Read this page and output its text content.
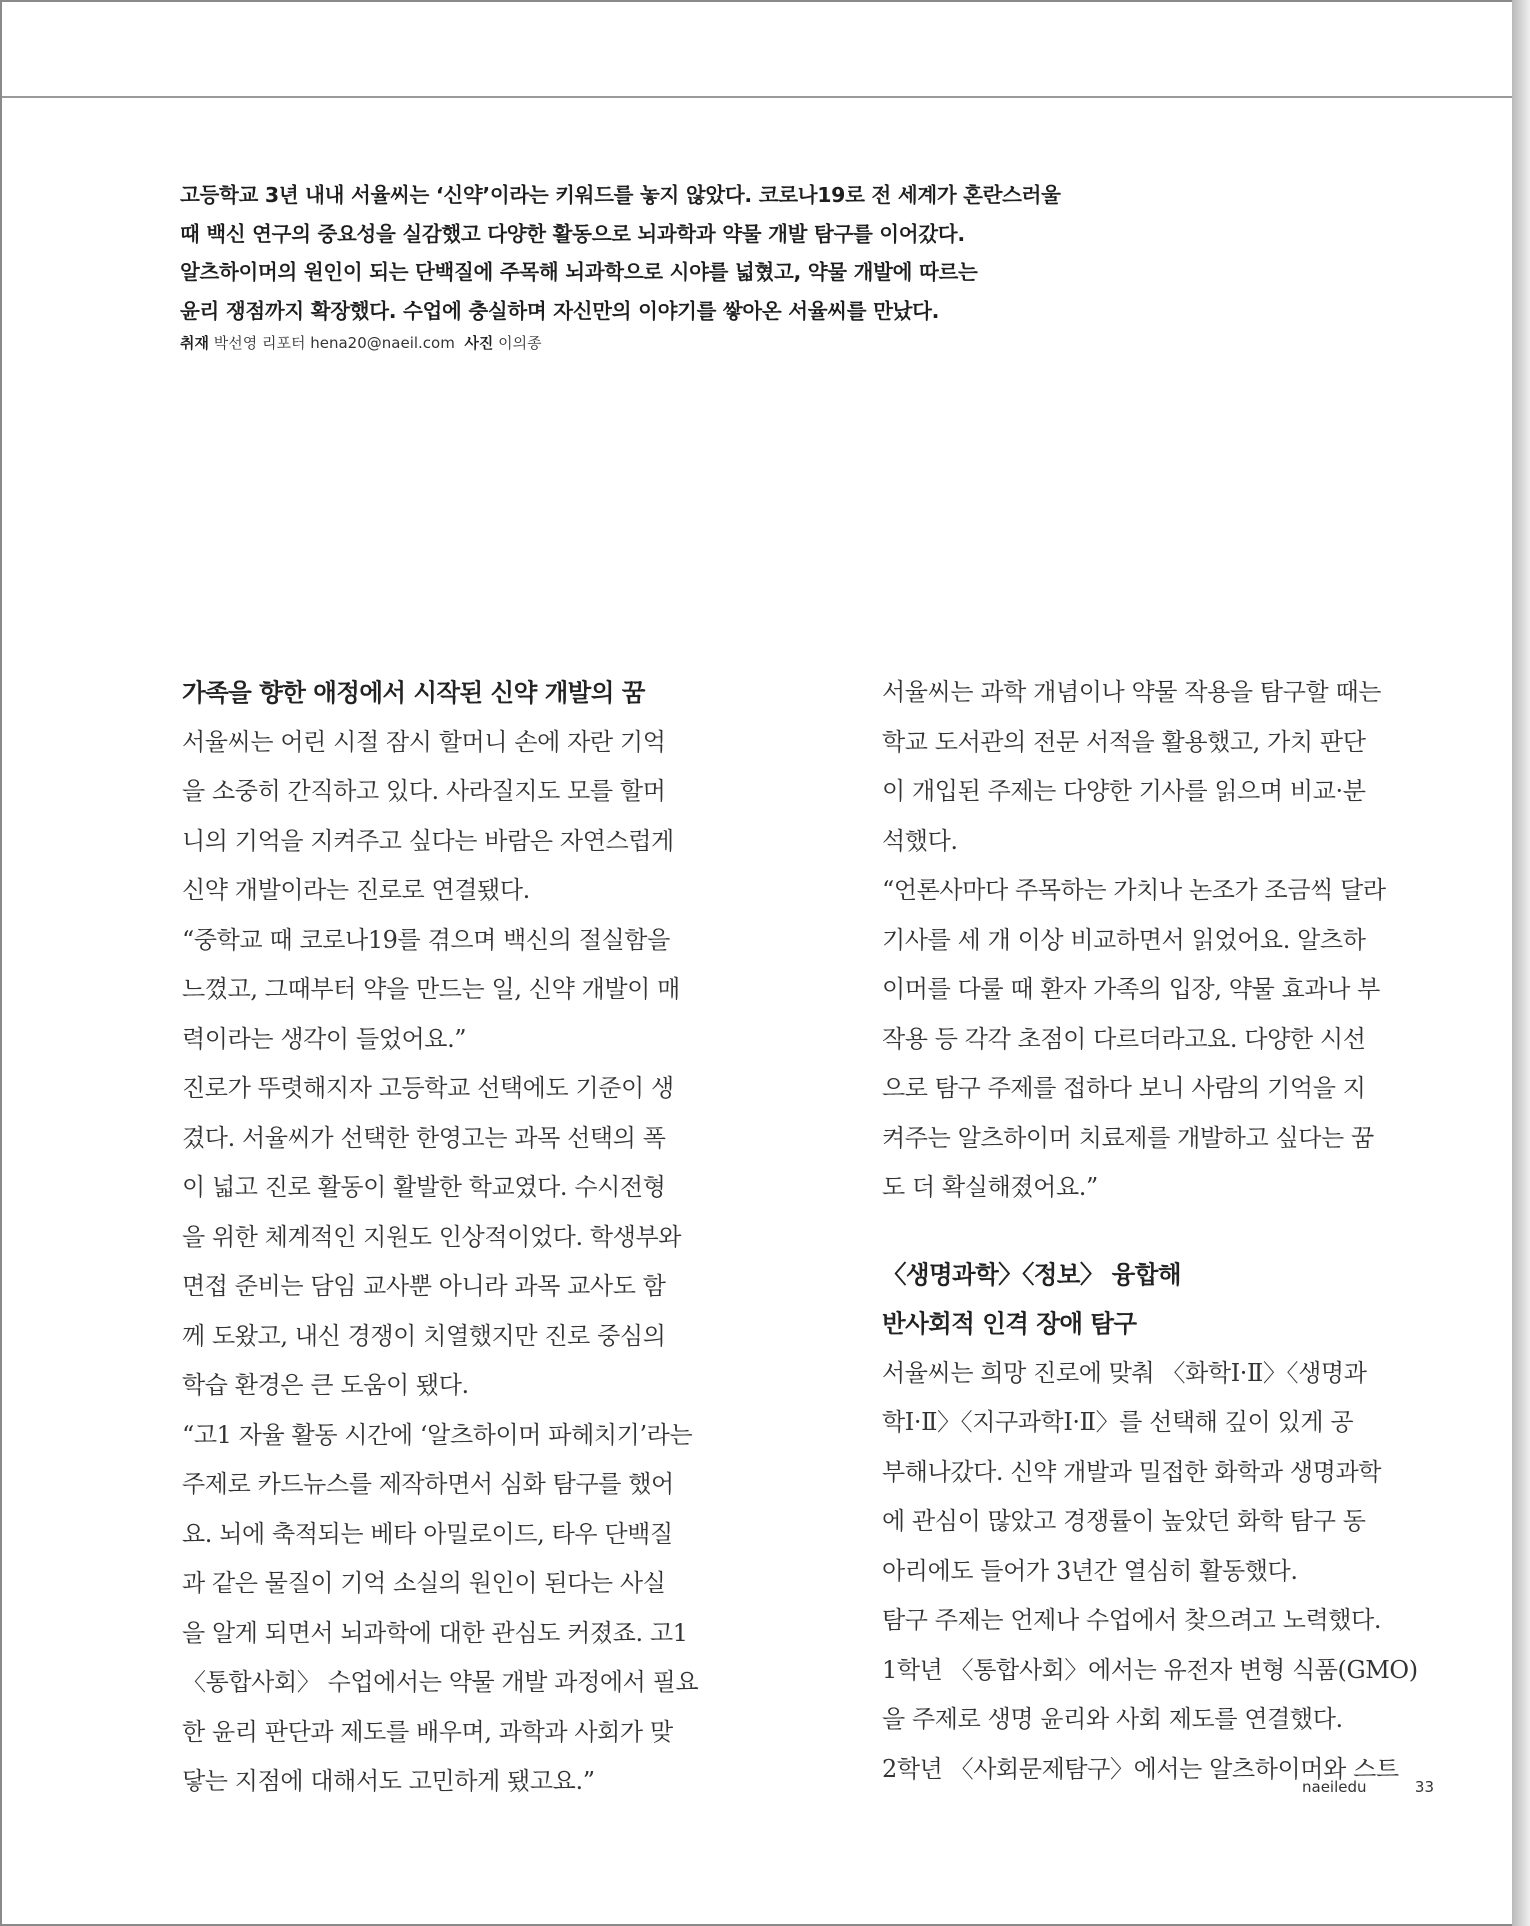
고등학교 3년 내내 서율씨는 ‘신약’이라는 키워드를 놓지 않았다. 코로나19로 전 세계가 혼란스러울

때 백신 연구의 중요성을 실감했고 다양한 활동으로 뇌과학과 약물 개발 탐구를 이어갔다.

알츠하이머의 원인이 되는 단백질에 주목해 뇌과학으로 시야를 넓혔고, 약물 개발에 따르는

윤리 쟁점까지 확장했다. 수업에 충실하며 자신만의 이야기를 쌓아온 서율씨를 만났다.

취재 박선영 리포터 hena20@naeil.com 사진 이의종
가족을 향한 애정에서 시작된 신약 개발의 꿈

서율씨는 어린 시절 잠시 할머니 손에 자란 기억

을 소중히 간직하고 있다. 사라질지도 모를 할머

니의 기억을 지켜주고 싶다는 바람은 자연스럽게

신약 개발이라는 진로로 연결됐다.

“중학교 때 코로나19를 겪으며 백신의 절실함을

느꼈고, 그때부터 약을 만드는 일, 신약 개발이 매

력이라는 생각이 들었어요.”

진로가 뚜렷해지자 고등학교 선택에도 기준이 생

겼다. 서율씨가 선택한 한영고는 과목 선택의 폭

이 넓고 진로 활동이 활발한 학교였다. 수시전형

을 위한 체계적인 지원도 인상적이었다. 학생부와

면접 준비는 담임 교사뿐 아니라 과목 교사도 함

께 도왔고, 내신 경쟁이 치열했지만 진로 중심의

학습 환경은 큰 도움이 됐다.

“고1 자율 활동 시간에 ‘알츠하이머 파헤치기’라는

주제로 카드뉴스를 제작하면서 심화 탐구를 했어

요. 뇌에 축적되는 베타 아밀로이드, 타우 단백질

과 같은 물질이 기억 소실의 원인이 된다는 사실

을 알게 되면서 뇌과학에 대한 관심도 커졌죠. 고1

〈통합사회〉 수업에서는 약물 개발 과정에서 필요

한 윤리 판단과 제도를 배우며, 과학과 사회가 맞

닿는 지점에 대해서도 고민하게 됐고요.”

서율씨는 과학 개념이나 약물 작용을 탐구할 때는

학교 도서관의 전문 서적을 활용했고, 가치 판단

이 개입된 주제는 다양한 기사를 읽으며 비교·분

석했다.

“언론사마다 주목하는 가치나 논조가 조금씩 달라

기사를 세 개 이상 비교하면서 읽었어요. 알츠하

이머를 다룰 때 환자 가족의 입장, 약물 효과나 부

작용 등 각각 초점이 다르더라고요. 다양한 시선

으로 탐구 주제를 접하다 보니 사람의 기억을 지

켜주는 알츠하이머 치료제를 개발하고 싶다는 꿈

도 더 확실해졌어요.”

〈생명과학〉〈정보〉 융합해
반사회적 인격 장애 탐구

서율씨는 희망 진로에 맞춰 〈화학Ⅰ·Ⅱ〉〈생명과

학Ⅰ·Ⅱ〉〈지구과학Ⅰ·Ⅱ〉를 선택해 깊이 있게 공

부해나갔다. 신약 개발과 밀접한 화학과 생명과학

에 관심이 많았고 경쟁률이 높았던 화학 탐구 동

아리에도 들어가 3년간 열심히 활동했다.

탐구 주제는 언제나 수업에서 찾으려고 노력했다.

1학년 〈통합사회〉에서는 유전자 변형 식품(GMO)

을 주제로 생명 윤리와 사회 제도를 연결했다.

2학년 〈사회문제탐구〉에서는 알츠하이머와 스트

naeiledu	33
